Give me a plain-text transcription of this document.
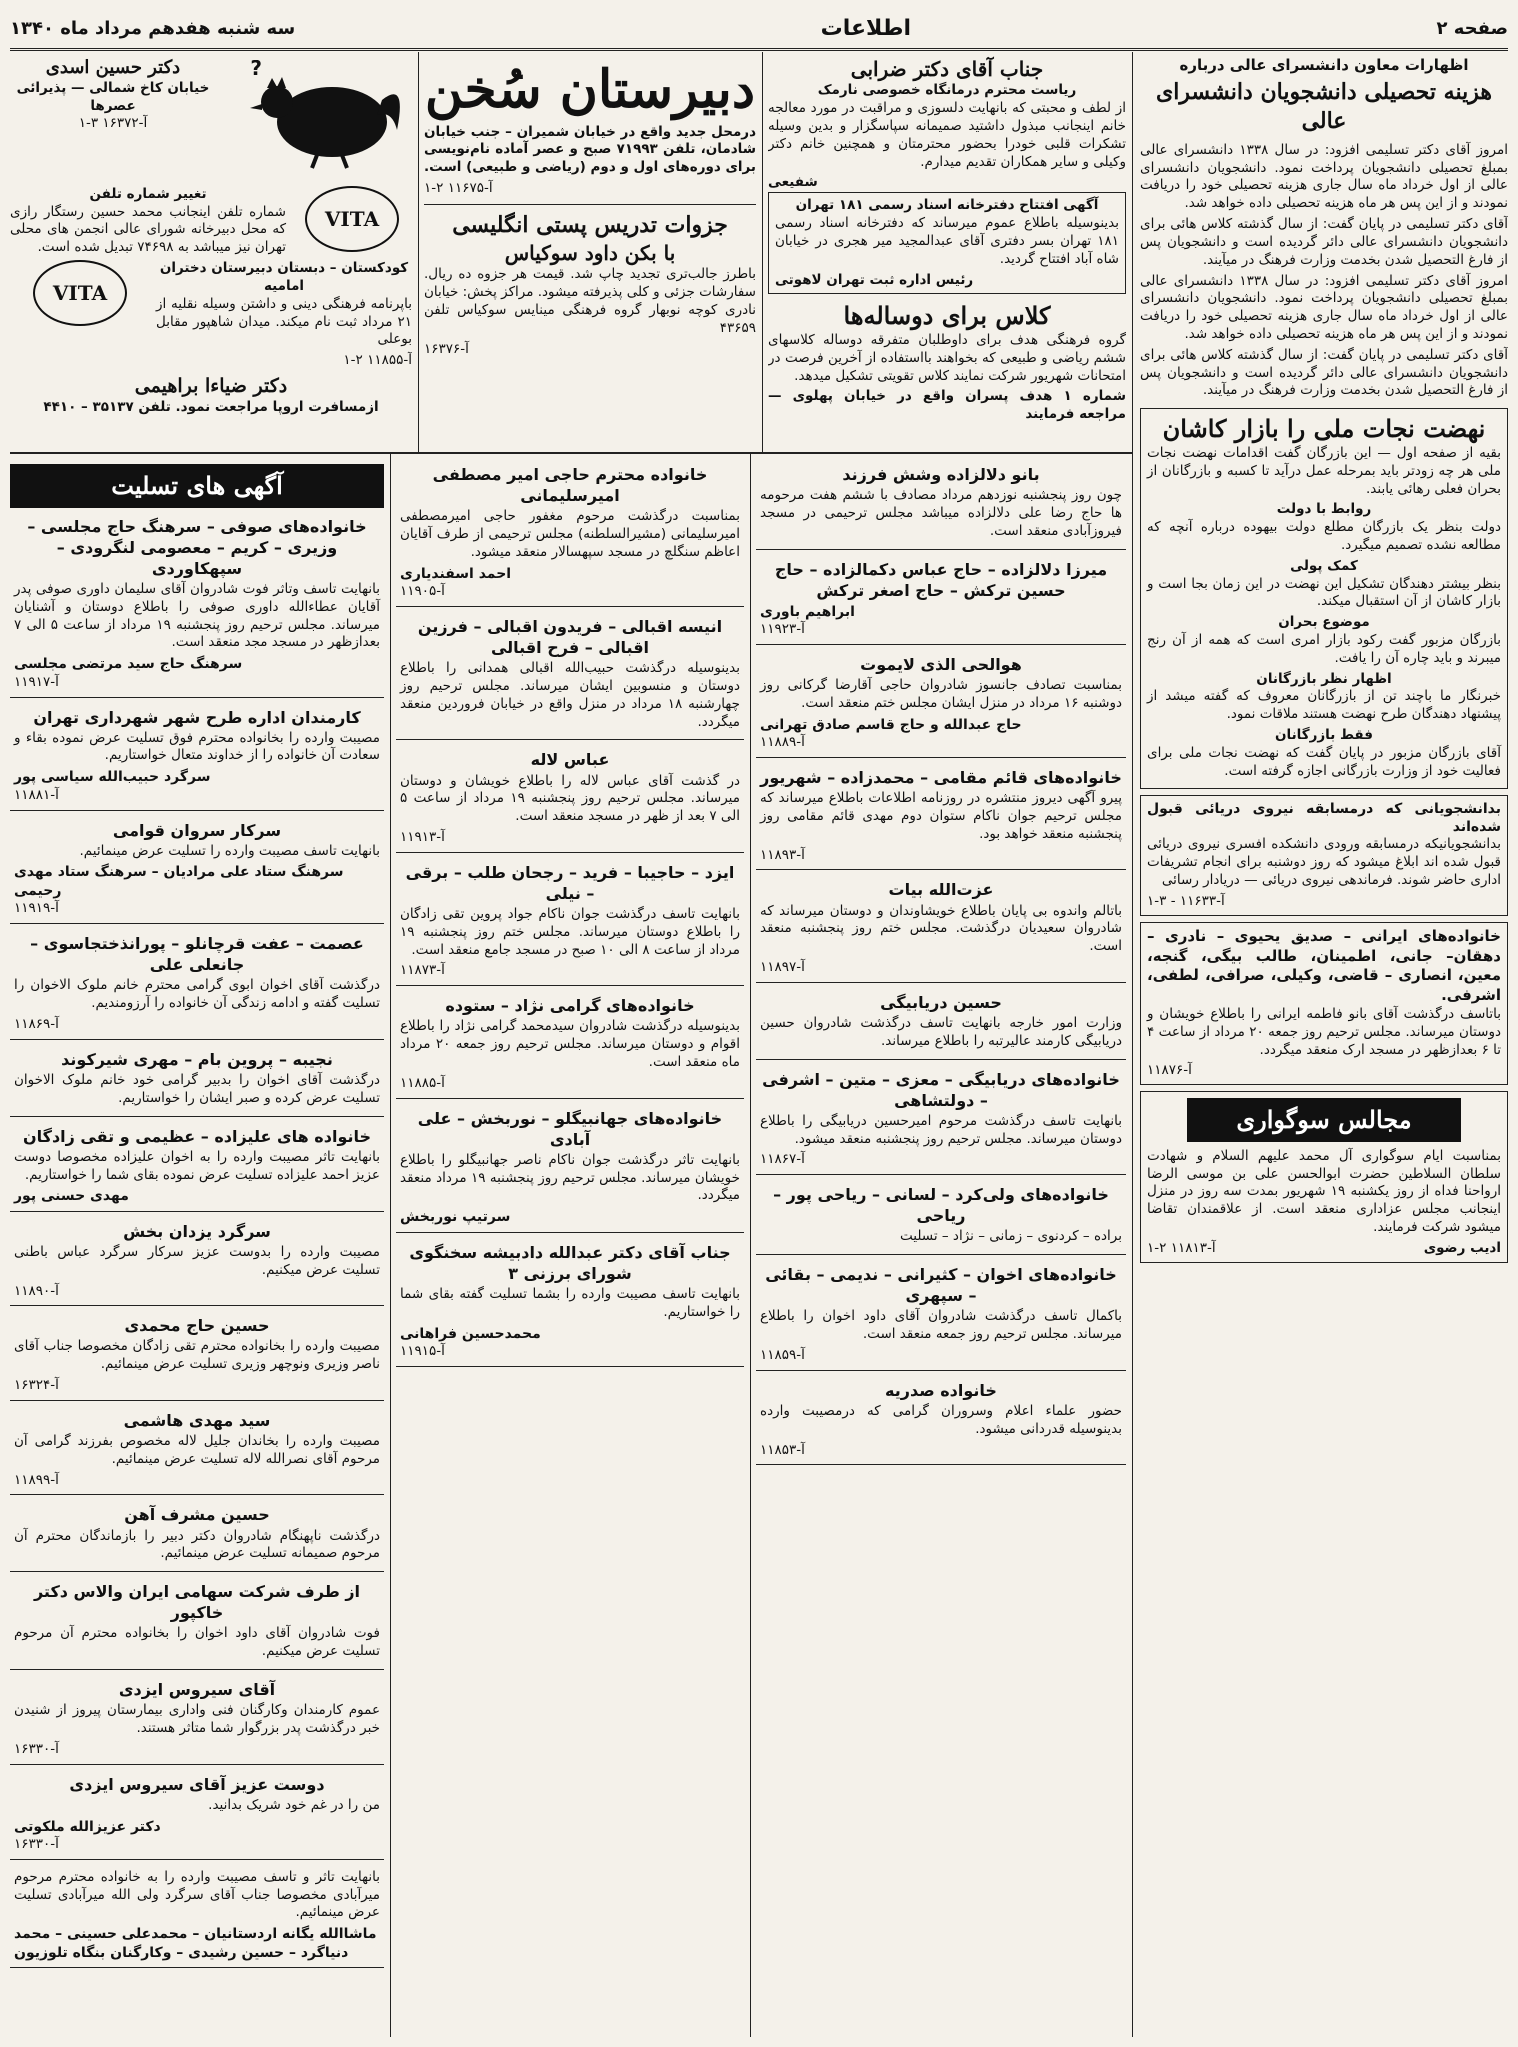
صفحه ۲
اطلاعات
سه شنبه هفدهم مرداد ماه ۱۳۴۰
اظهارات معاون دانشسرای عالی درباره
هزینه تحصیلی دانشجویان دانشسرای عالی

امروز آقای دکتر تسلیمی افزود: در سال ۱۳۳۸ دانشسرای عالی بمبلغ تحصیلی دانشجویان پرداخت نمود. دانشجویان دانشسرای عالی از اول خرداد ماه سال جاری هزینه تحصیلی خود را دریافت نمودند و از این پس هر ماه هزینه تحصیلی داده خواهد شد.

آقای دکتر تسلیمی در پایان گفت: از سال گذشته کلاس هائی برای دانشجویان دانشسرای عالی دائر گردیده است و دانشجویان پس از فارغ التحصیل شدن بخدمت وزارت فرهنگ در میآیند.

امروز آقای دکتر تسلیمی افزود: در سال ۱۳۳۸ دانشسرای عالی بمبلغ تحصیلی دانشجویان پرداخت نمود. دانشجویان دانشسرای عالی از اول خرداد ماه سال جاری هزینه تحصیلی خود را دریافت نمودند و از این پس هر ماه هزینه تحصیلی داده خواهد شد.

آقای دکتر تسلیمی در پایان گفت: از سال گذشته کلاس هائی برای دانشجویان دانشسرای عالی دائر گردیده است و دانشجویان پس از فارغ التحصیل شدن بخدمت وزارت فرهنگ در میآیند.

نهضت نجات ملی را بازار کاشان

بقیه از صفحه اول — این بازرگان گفت اقدامات نهضت نجات ملی هر چه زودتر باید بمرحله عمل درآید تا کسبه و بازرگانان از بحران فعلی رهائی یابند.

روابط با دولت

دولت بنظر یک بازرگان مطلع دولت بیهوده درباره آنچه که مطالعه نشده تصمیم میگیرد.

کمک پولی

بنظر بیشتر دهندگان تشکیل این نهضت در این زمان بجا است و بازار کاشان از آن استقبال میکند.

موضوع بحران

بازرگان مزبور گفت رکود بازار امری است که همه از آن رنج میبرند و باید چاره آن را یافت.

اظهار نظر بازرگانان

خبرنگار ما باچند تن از بازرگانان معروف که گفته میشد از پیشنهاد دهندگان طرح نهضت هستند ملاقات نمود.

فقط بازرگانان

آقای بازرگان مزبور در پایان گفت که نهضت نجات ملی برای فعالیت خود از وزارت بازرگانی اجازه گرفته است.

بدانشجویانی که درمسابقه نیروی دریائی قبول شده‌اند

بدانشجویانیکه درمسابقه ورودی دانشکده افسری نیروی دریائی قبول شده اند ابلاغ میشود که روز دوشنبه برای انجام تشریفات اداری حاضر شوند. فرماندهی نیروی دریائی — دریادار رسائی

آ-۱۱۶۳۳ - ۳-۱
خانواده‌های ایرانی – صدیق یحیوی – نادری –دهقان– جانی، اطمینان، طالب بیگی، گنجه، معین، انصاری – قاضی، وکیلی، صرافی، لطفی، اشرفی.

باتاسف درگذشت آقای بانو فاطمه ایرانی را باطلاع خویشان و دوستان میرساند. مجلس ترحیم روز جمعه ۲۰ مرداد از ساعت ۴ تا ۶ بعدازظهر در مسجد ارک منعقد میگردد.

آ-۱۱۸۷۶
مجالس سوگواری

بمناسبت ایام سوگواری آل محمد علیهم السلام و شهادت سلطان السلاطین حضرت ابوالحسن علی بن موسی الرضا ارواحنا فداه از روز یکشنبه ۱۹ شهریور بمدت سه روز در منزل اینجانب مجلس عزاداری منعقد است. از علاقمندان تقاضا میشود شرکت فرمایند.

ادیب رضوی
آ-۱۱۸۱۳ ۲-۱
جناب آقای دکتر ضرابی
ریاست محترم درمانگاه خصوصی نارمک

از لطف و محبتی که بانهایت دلسوزی و مراقبت در مورد معالجه خانم اینجانب مبذول داشتید صمیمانه سپاسگزار و بدین وسیله تشکرات قلبی خودرا بحضور محترمتان و همچنین خانم دکتر وکیلی و سایر همکاران تقدیم میدارم.

شفیعی
آگهی افتتاح دفترخانه اسناد رسمی ۱۸۱ تهران

بدینوسیله باطلاع عموم میرساند که دفترخانه اسناد رسمی ۱۸۱ تهران بسر دفتری آقای عبدالمجید میر هجری در خیابان شاه آباد افتتاح گردید.

رئیس اداره ثبت تهران لاهوتی
کلاس برای دوساله‌ها

گروه فرهنگی هدف برای داوطلبان متفرقه دوساله کلاسهای ششم ریاضی و طبیعی که بخواهند بااستفاده از آخرین فرصت در امتحانات شهریور شرکت نمایند کلاس تقویتی تشکیل میدهد.

شماره ۱ هدف پسران واقع در خیابان پهلوی — مراجعه فرمایند

دبیرستان سُخن

درمحل جدید واقع در خیابان شمیران – جنب خیابان شادمان، تلفن ۷۱۹۹۳ صبح و عصر آماده نام‌نویسی برای دوره‌های اول و دوم (ریاضی و طبیعی) است.

آ-۱۱۶۷۵ ۲-۱
جزوات تدریس پستی انگلیسی
با بکن داود سوکیاس

باطرز جالب‌تری تجدید چاپ شد. قیمت هر جزوه ده ریال. سفارشات جزئی و کلی پذیرفته میشود. مراکز پخش: خیابان نادری کوچه نوبهار گروه فرهنگی مینایس سوکیاس تلفن ۴۳۶۵۹

آ-۱۶۳۷۶
?
دکتر حسین اسدی
خیابان کاخ شمالی — پذیرائی عصرها
آ-۱۶۳۷۲ ۳-۱
VITA
تغییر شماره تلفن

شماره تلفن اینجانب محمد حسین رستگار رازی که محل دبیرخانه شورای عالی انجمن های محلی تهران نیز میباشد به ۷۴۶۹۸ تبدیل شده است.

کودکستان – دبستان دبیرستان دختران امامیه

باپرنامه فرهنگی دینی و داشتن وسیله نقلیه از ۲۱ مرداد ثبت نام میکند. میدان شاهپور مقابل بوعلی

آ-۱۱۸۵۵ ۲-۱
VITA
دکتر ضیاءا براهیمی
ازمسافرت اروپا مراجعت نمود. تلفن ۳۵۱۳۷ – ۴۴۱۰
آگهی های تسلیت
خانواده‌های صوفی – سرهنگ حاج مجلسی – وزیری – کریم – معصومی لنگرودی – سپهکاوردی

بانهایت تاسف وتاثر فوت شادروان آقای سلیمان داوری صوفی پدر آقایان عطاءالله داوری صوفی را باطلاع دوستان و آشنایان میرساند. مجلس ترحیم روز پنجشنبه ۱۹ مرداد از ساعت ۵ الی ۷ بعدازظهر در مسجد مجد منعقد است.

سرهنگ حاج سید مرتضی مجلسی
آ-۱۱۹۱۷
کارمندان اداره طرح شهر شهرداری تهران

مصیبت وارده را بخانواده محترم فوق تسلیت عرض نموده بقاء و سعادت آن خانواده را از خداوند متعال خواستاریم.

سرگرد حبیب‌الله سیاسی پور
آ-۱۱۸۸۱
سرکار سروان قوامی

بانهایت تاسف مصیبت وارده را تسلیت عرض مینمائیم.

سرهنگ ستاد علی مرادیان – سرهنگ ستاد مهدی رحیمی
آ-۱۱۹۱۹
عصمت – عفت قرچانلو – پورانذختجاسوی – جانعلی علی

درگذشت آقای اخوان ابوی گرامی محترم خانم ملوک الاخوان را تسلیت گفته و ادامه زندگی آن خانواده را آرزومندیم.

آ-۱۱۸۶۹
نجیبه – پروین بام – مهری شیرکوند

درگذشت آقای اخوان را بدبیر گرامی خود خانم ملوک الاخوان تسلیت عرض کرده و صبر ایشان را خواستاریم.

خانواده های علیزاده – عظیمی و تقی زادگان

بانهایت تاثر مصیبت وارده را به اخوان علیزاده مخصوصا دوست عزیز احمد علیزاده تسلیت عرض نموده بقای شما را خواستاریم.

مهدی حسنی پور
سرگرد یزدان بخش

مصیبت وارده را بدوست عزیز سرکار سرگرد عباس باطنی تسلیت عرض میکنیم.

آ-۱۱۸۹۰
حسین حاج محمدی

مصیبت وارده را بخانواده محترم تقی زادگان مخصوصا جناب آقای ناصر وزیری ونوچهر وزیری تسلیت عرض مینمائیم.

آ-۱۶۳۲۴
سید مهدی هاشمی

مصیبت وارده را بخاندان جلیل لاله مخصوص بفرزند گرامی آن مرحوم آقای نصرالله لاله تسلیت عرض مینمائیم.

آ-۱۱۸۹۹
حسین مشرف آهن

درگذشت ناپهنگام شادروان دکتر دبیر را بازماندگان محترم آن مرحوم صمیمانه تسلیت عرض مینمائیم.

از طرف شرکت سهامی ایران والاس دکتر خاکپور

فوت شادروان آقای داود اخوان را بخانواده محترم آن مرحوم تسلیت عرض میکنیم.

آقای سیروس ایزدی

عموم کارمندان وکارگنان فنی واداری بیمارستان پیروز از شنیدن خبر درگذشت پدر بزرگوار شما متاثر هستند.

آ-۱۶۳۳۰
دوست عزیز آقای سیروس ایزدی

من را در غم خود شریک بدانید.

دکتر عزیزالله ملکوتی
آ-۱۶۳۳۰

بانهایت تاثر و تاسف مصیبت وارده را به خانواده محترم مرحوم میرآبادی مخصوصا جناب آقای سرگرد ولی الله میرآبادی تسلیت عرض مینمائیم.

ماشاالله یگانه اردستانیان – محمدعلی حسینی – محمد دنیاگرد – حسین رشیدی – وکارگنان بنگاه تلوزیون
خانواده محترم حاجی امیر مصطفی امیرسلیمانی

بمناسبت درگذشت مرحوم مغفور حاجی امیرمصطفی امیرسلیمانی (مشیرالسلطنه) مجلس ترحیمی از طرف آقایان اعاظم سنگلچ در مسجد سپهسالار منعقد میشود.

احمد اسفندیاری
آ-۱۱۹۰۵
انیسه اقبالی – فریدون اقبالی – فرزین اقبالی – فرح اقبالی

بدینوسیله درگذشت حبیب‌الله اقبالی همدانی را باطلاع دوستان و منسوبین ایشان میرساند. مجلس ترحیم روز چهارشنبه ۱۸ مرداد در منزل واقع در خیابان فروردین منعقد میگردد.

عباس لاله

در گذشت آقای عباس لاله را باطلاع خویشان و دوستان میرساند. مجلس ترحیم روز پنجشنبه ۱۹ مرداد از ساعت ۵ الی ۷ بعد از ظهر در مسجد منعقد است.

آ-۱۱۹۱۳
ایزد – حاجیبا – فرید – رجحان طلب – برقی – نیلی

بانهایت تاسف درگذشت جوان ناکام جواد پروین تقی زادگان را باطلاع دوستان میرساند. مجلس ختم روز پنجشنبه ۱۹ مرداد از ساعت ۸ الی ۱۰ صبح در مسجد جامع منعقد است.

آ-۱۱۸۷۳
خانواده‌های گرامی نژاد – ستوده

بدینوسیله درگذشت شادروان سیدمحمد گرامی نژاد را باطلاع اقوام و دوستان میرساند. مجلس ترحیم روز جمعه ۲۰ مرداد ماه منعقد است.

آ-۱۱۸۸۵
خانواده‌های جهانبیگلو – نوربخش – علی آبادی

بانهایت تاثر درگذشت جوان ناکام ناصر جهانبیگلو را باطلاع خویشان میرساند. مجلس ترحیم روز پنجشنبه ۱۹ مرداد منعقد میگردد.

سرتیپ نوربخش
جناب آقای دکتر عبدالله دادبیشه سخنگوی شورای برزنی ۳

بانهایت تاسف مصیبت وارده را بشما تسلیت گفته بقای شما را خواستاریم.

محمدحسین فراهانی
آ-۱۱۹۱۵
بانو دلالزاده وشش فرزند

چون روز پنجشنبه نوزدهم مرداد مصادف با ششم هفت مرحومه ها حاج رضا علی دلالزاده میباشد مجلس ترحیمی در مسجد فیروزآبادی منعقد است.

میرزا دلالزاده – حاج عباس دکمالزاده – حاج حسین ترکش – حاج اصغر ترکش
ابراهیم باوری
آ-۱۱۹۲۳
هوالحی الذی لایموت

بمناسبت تصادف جانسوز شادروان حاجی آقارضا گرکانی روز دوشنبه ۱۶ مرداد در منزل ایشان مجلس ختم منعقد است.

حاج عبدالله و حاج قاسم صادق تهرانی
آ-۱۱۸۸۹
خانواده‌های قائم مقامی – محمدزاده – شهریور

پیرو آگهی دیروز منتشره در روزنامه اطلاعات باطلاع میرساند که مجلس ترحیم جوان ناکام ستوان دوم مهدی قائم مقامی روز پنجشنبه منعقد خواهد بود.

آ-۱۱۸۹۳
عزت‌الله بیات

باتالم واندوه بی پایان باطلاع خویشاوندان و دوستان میرساند که شادروان سعیدیان درگذشت. مجلس ختم روز پنجشنبه منعقد است.

آ-۱۱۸۹۷
حسین دریابیگی

وزارت امور خارجه بانهایت تاسف درگذشت شادروان حسین دریابیگی کارمند عالیرتبه را باطلاع میرساند.

خانواده‌های دریابیگی – معزی – متین – اشرفی – دولتشاهی

بانهایت تاسف درگذشت مرحوم امیرحسین دریابیگی را باطلاع دوستان میرساند. مجلس ترحیم روز پنجشنبه منعقد میشود.

آ-۱۱۸۶۷
خانواده‌های ولی‌کرد – لسانی – ریاحی پور – ریاحی

براده – کردنوی – زمانی – نژاد – تسلیت

خانواده‌های اخوان – کثیرانی – ندیمی – بقائی – سپهری

باکمال تاسف درگذشت شادروان آقای داود اخوان را باطلاع میرساند. مجلس ترحیم روز جمعه منعقد است.

آ-۱۱۸۵۹
خانواده صدریه

حضور علماء اعلام وسروران گرامی که درمصیبت وارده بدینوسیله قدردانی میشود.

آ-۱۱۸۵۳
